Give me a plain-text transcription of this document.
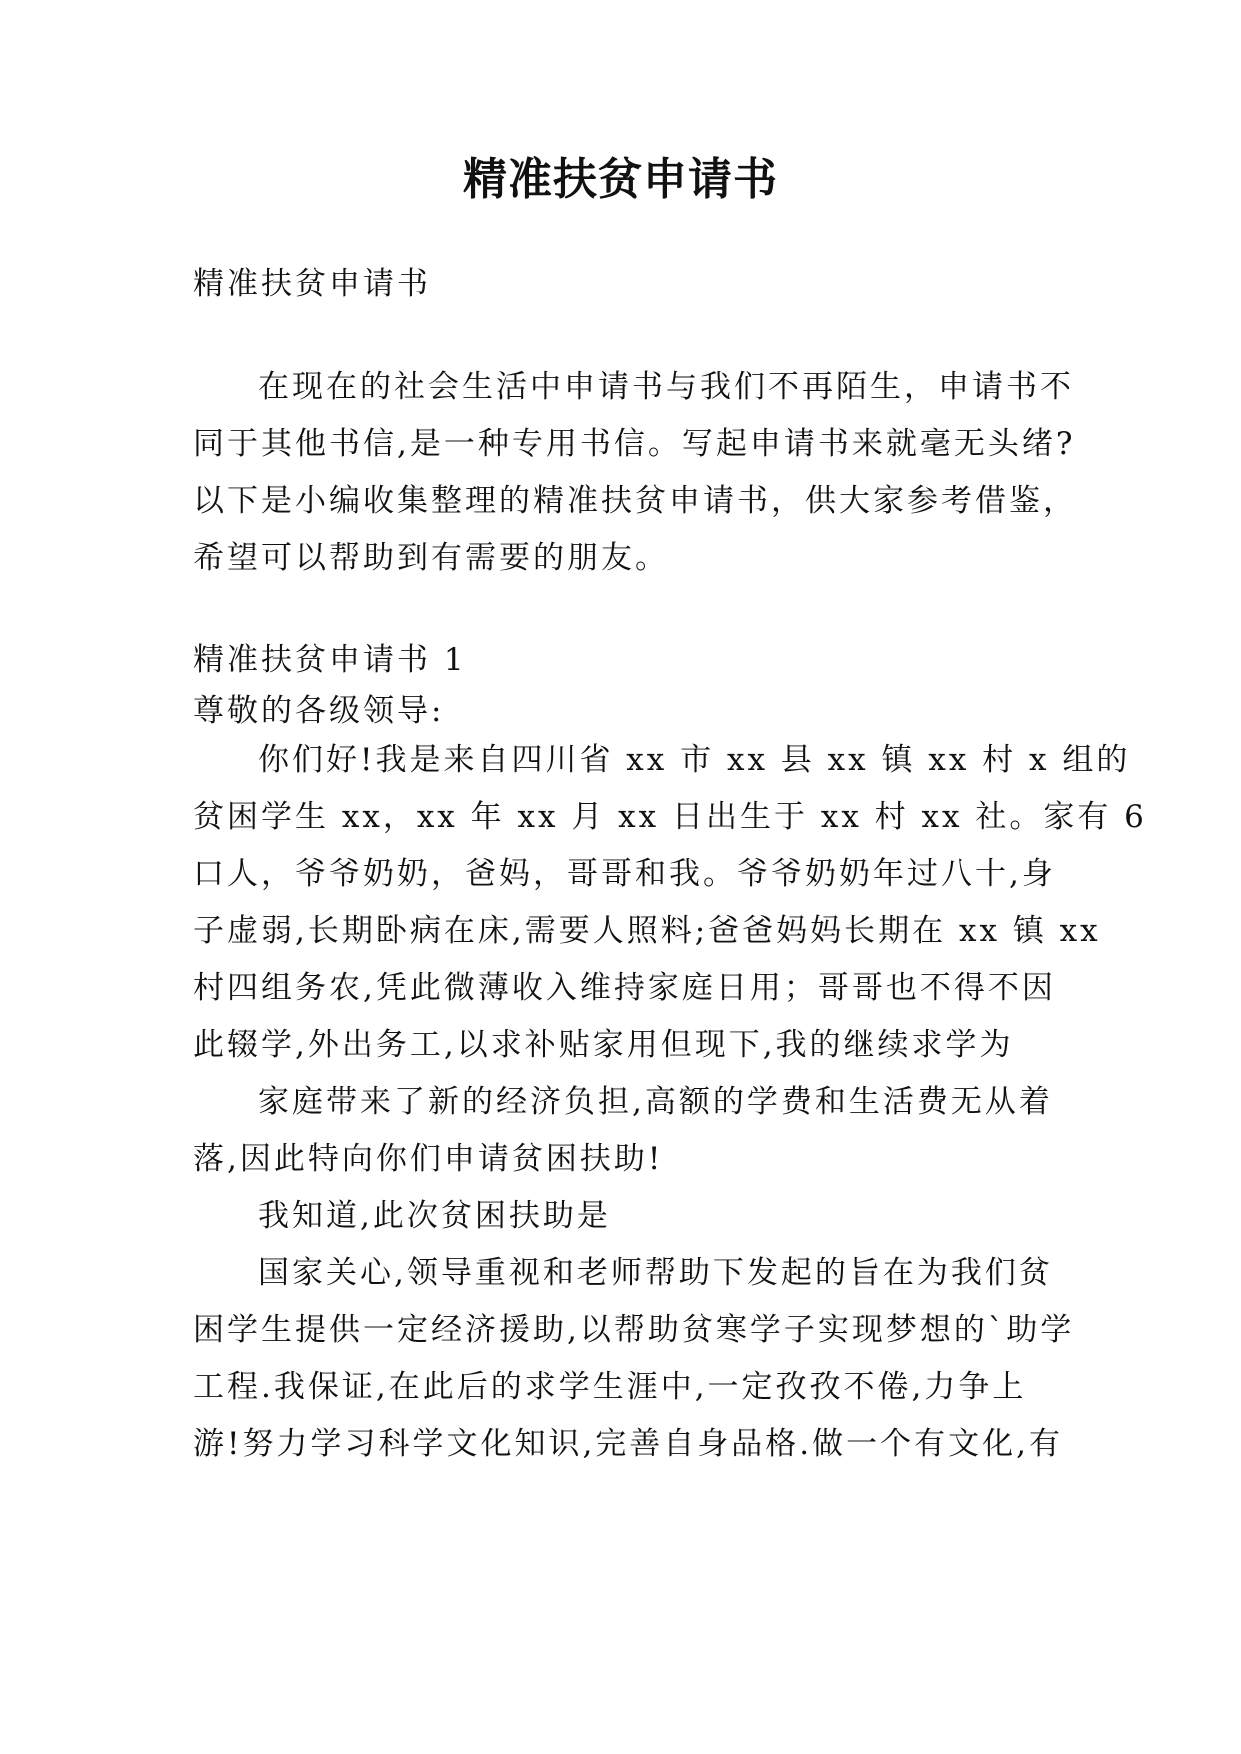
精准扶贫申请书
精准扶贫申请书
在现在的社会生活中申请书与我们不再陌生，申请书不
同于其他书信,是一种专用书信。写起申请书来就毫无头绪?
以下是小编收集整理的精准扶贫申请书，供大家参考借鉴，
希望可以帮助到有需要的朋友。
精准扶贫申请书 1
尊敬的各级领导:
你们好!我是来自四川省 xx 市 xx 县 xx 镇 xx 村 x 组的
贫困学生 xx，xx 年 xx 月 xx 日出生于 xx 村 xx 社。家有 6
口人，爷爷奶奶，爸妈，哥哥和我。爷爷奶奶年过八十,身
子虚弱,长期卧病在床,需要人照料;爸爸妈妈长期在 xx 镇 xx
村四组务农,凭此微薄收入维持家庭日用；哥哥也不得不因
此辍学,外出务工,以求补贴家用但现下,我的继续求学为
家庭带来了新的经济负担,高额的学费和生活费无从着
落,因此特向你们申请贫困扶助!
我知道,此次贫困扶助是
国家关心,领导重视和老师帮助下发起的旨在为我们贫
困学生提供一定经济援助,以帮助贫寒学子实现梦想的`助学
工程.我保证,在此后的求学生涯中,一定孜孜不倦,力争上
游!努力学习科学文化知识,完善自身品格.做一个有文化,有
